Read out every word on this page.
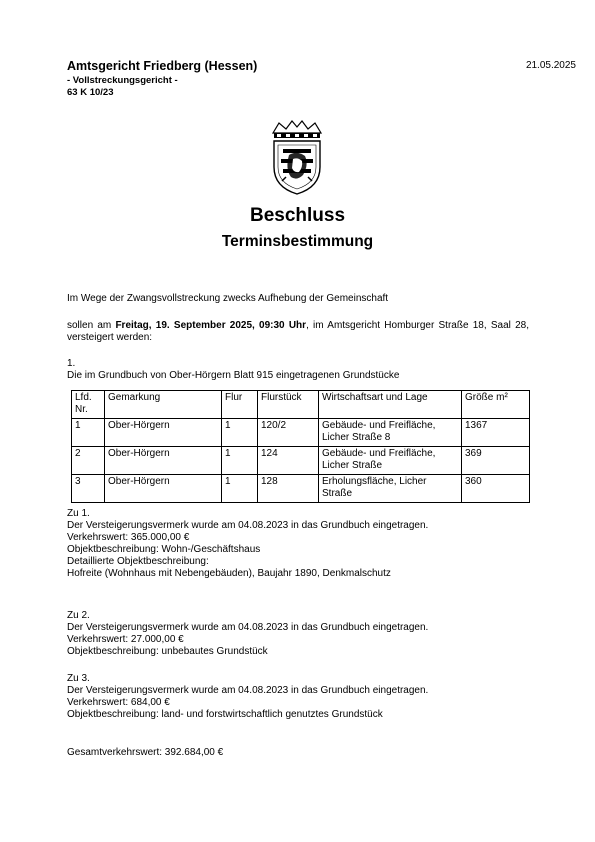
Amtsgericht Friedberg (Hessen)
- Vollstreckungsgericht -
63 K 10/23
21.05.2025
Beschluss
Terminsbestimmung
Im Wege der Zwangsvollstreckung zwecks Aufhebung der Gemeinschaft
sollen am Freitag, 19. September 2025, 09:30 Uhr, im Amtsgericht Homburger Straße 18, Saal 28, versteigert werden:
1.
Die im Grundbuch von Ober-Hörgern Blatt 915 eingetragenen Grundstücke
Lfd. Nr.	Gemarkung	Flur	Flurstück	Wirtschaftsart und Lage	Größe m²
1	Ober-Hörgern	1	120/2	Gebäude- und Freifläche, Licher Straße 8	1367
2	Ober-Hörgern	1	124	Gebäude- und Freifläche, Licher Straße	369
3	Ober-Hörgern	1	128	Erholungsfläche, Licher Straße	360
Zu 1.
Der Versteigerungsvermerk wurde am 04.08.2023 in das Grundbuch eingetragen.
Verkehrswert: 365.000,00 €
Objektbeschreibung: Wohn-/Geschäftshaus
Detaillierte Objektbeschreibung:
Hofreite (Wohnhaus mit Nebengebäuden), Baujahr 1890, Denkmalschutz
Zu 2.
Der Versteigerungsvermerk wurde am 04.08.2023 in das Grundbuch eingetragen.
Verkehrswert: 27.000,00 €
Objektbeschreibung: unbebautes Grundstück
Zu 3.
Der Versteigerungsvermerk wurde am 04.08.2023 in das Grundbuch eingetragen.
Verkehrswert: 684,00 €
Objektbeschreibung: land- und forstwirtschaftlich genutztes Grundstück
Gesamtverkehrswert: 392.684,00 €
